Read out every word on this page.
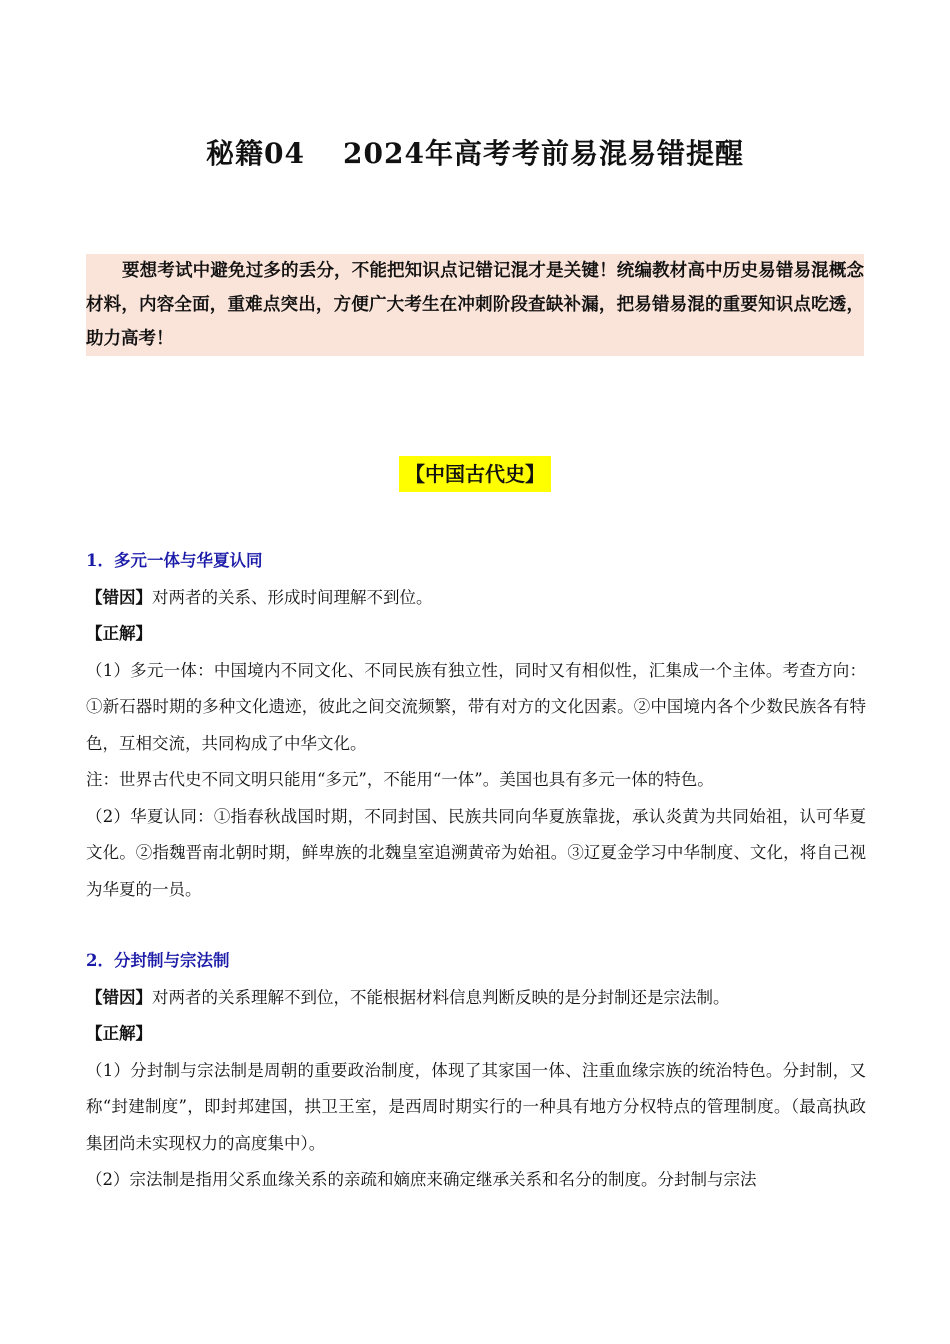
秘籍04 2024年高考考前易混易错提醒
要想考试中避免过多的丢分，不能把知识点记错记混才是关键！统编教材高中历史易错易混概念材料，内容全面，重难点突出，方便广大考生在冲刺阶段查缺补漏，把易错易混的重要知识点吃透，助力高考！
【中国古代史】

1．多元一体与华夏认同

【错因】对两者的关系、形成时间理解不到位。

【正解】

（1）多元一体：中国境内不同文化、不同民族有独立性，同时又有相似性，汇集成一个主体。考查方向：①新石器时期的多种文化遗迹，彼此之间交流频繁，带有对方的文化因素。②中国境内各个少数民族各有特色，互相交流，共同构成了中华文化。

注：世界古代史不同文明只能用“多元”，不能用“一体”。美国也具有多元一体的特色。

（2）华夏认同：①指春秋战国时期，不同封国、民族共同向华夏族靠拢，承认炎黄为共同始祖，认可华夏文化。②指魏晋南北朝时期，鲜卑族的北魏皇室追溯黄帝为始祖。③辽夏金学习中华制度、文化，将自己视为华夏的一员。

2．分封制与宗法制

【错因】对两者的关系理解不到位，不能根据材料信息判断反映的是分封制还是宗法制。

【正解】

（1）分封制与宗法制是周朝的重要政治制度，体现了其家国一体、注重血缘宗族的统治特色。分封制，又称“封建制度”，即封邦建国，拱卫王室，是西周时期实行的一种具有地方分权特点的管理制度。（最高执政集团尚未实现权力的高度集中）。

（2）宗法制是指用父系血缘关系的亲疏和嫡庶来确定继承关系和名分的制度。分封制与宗法
